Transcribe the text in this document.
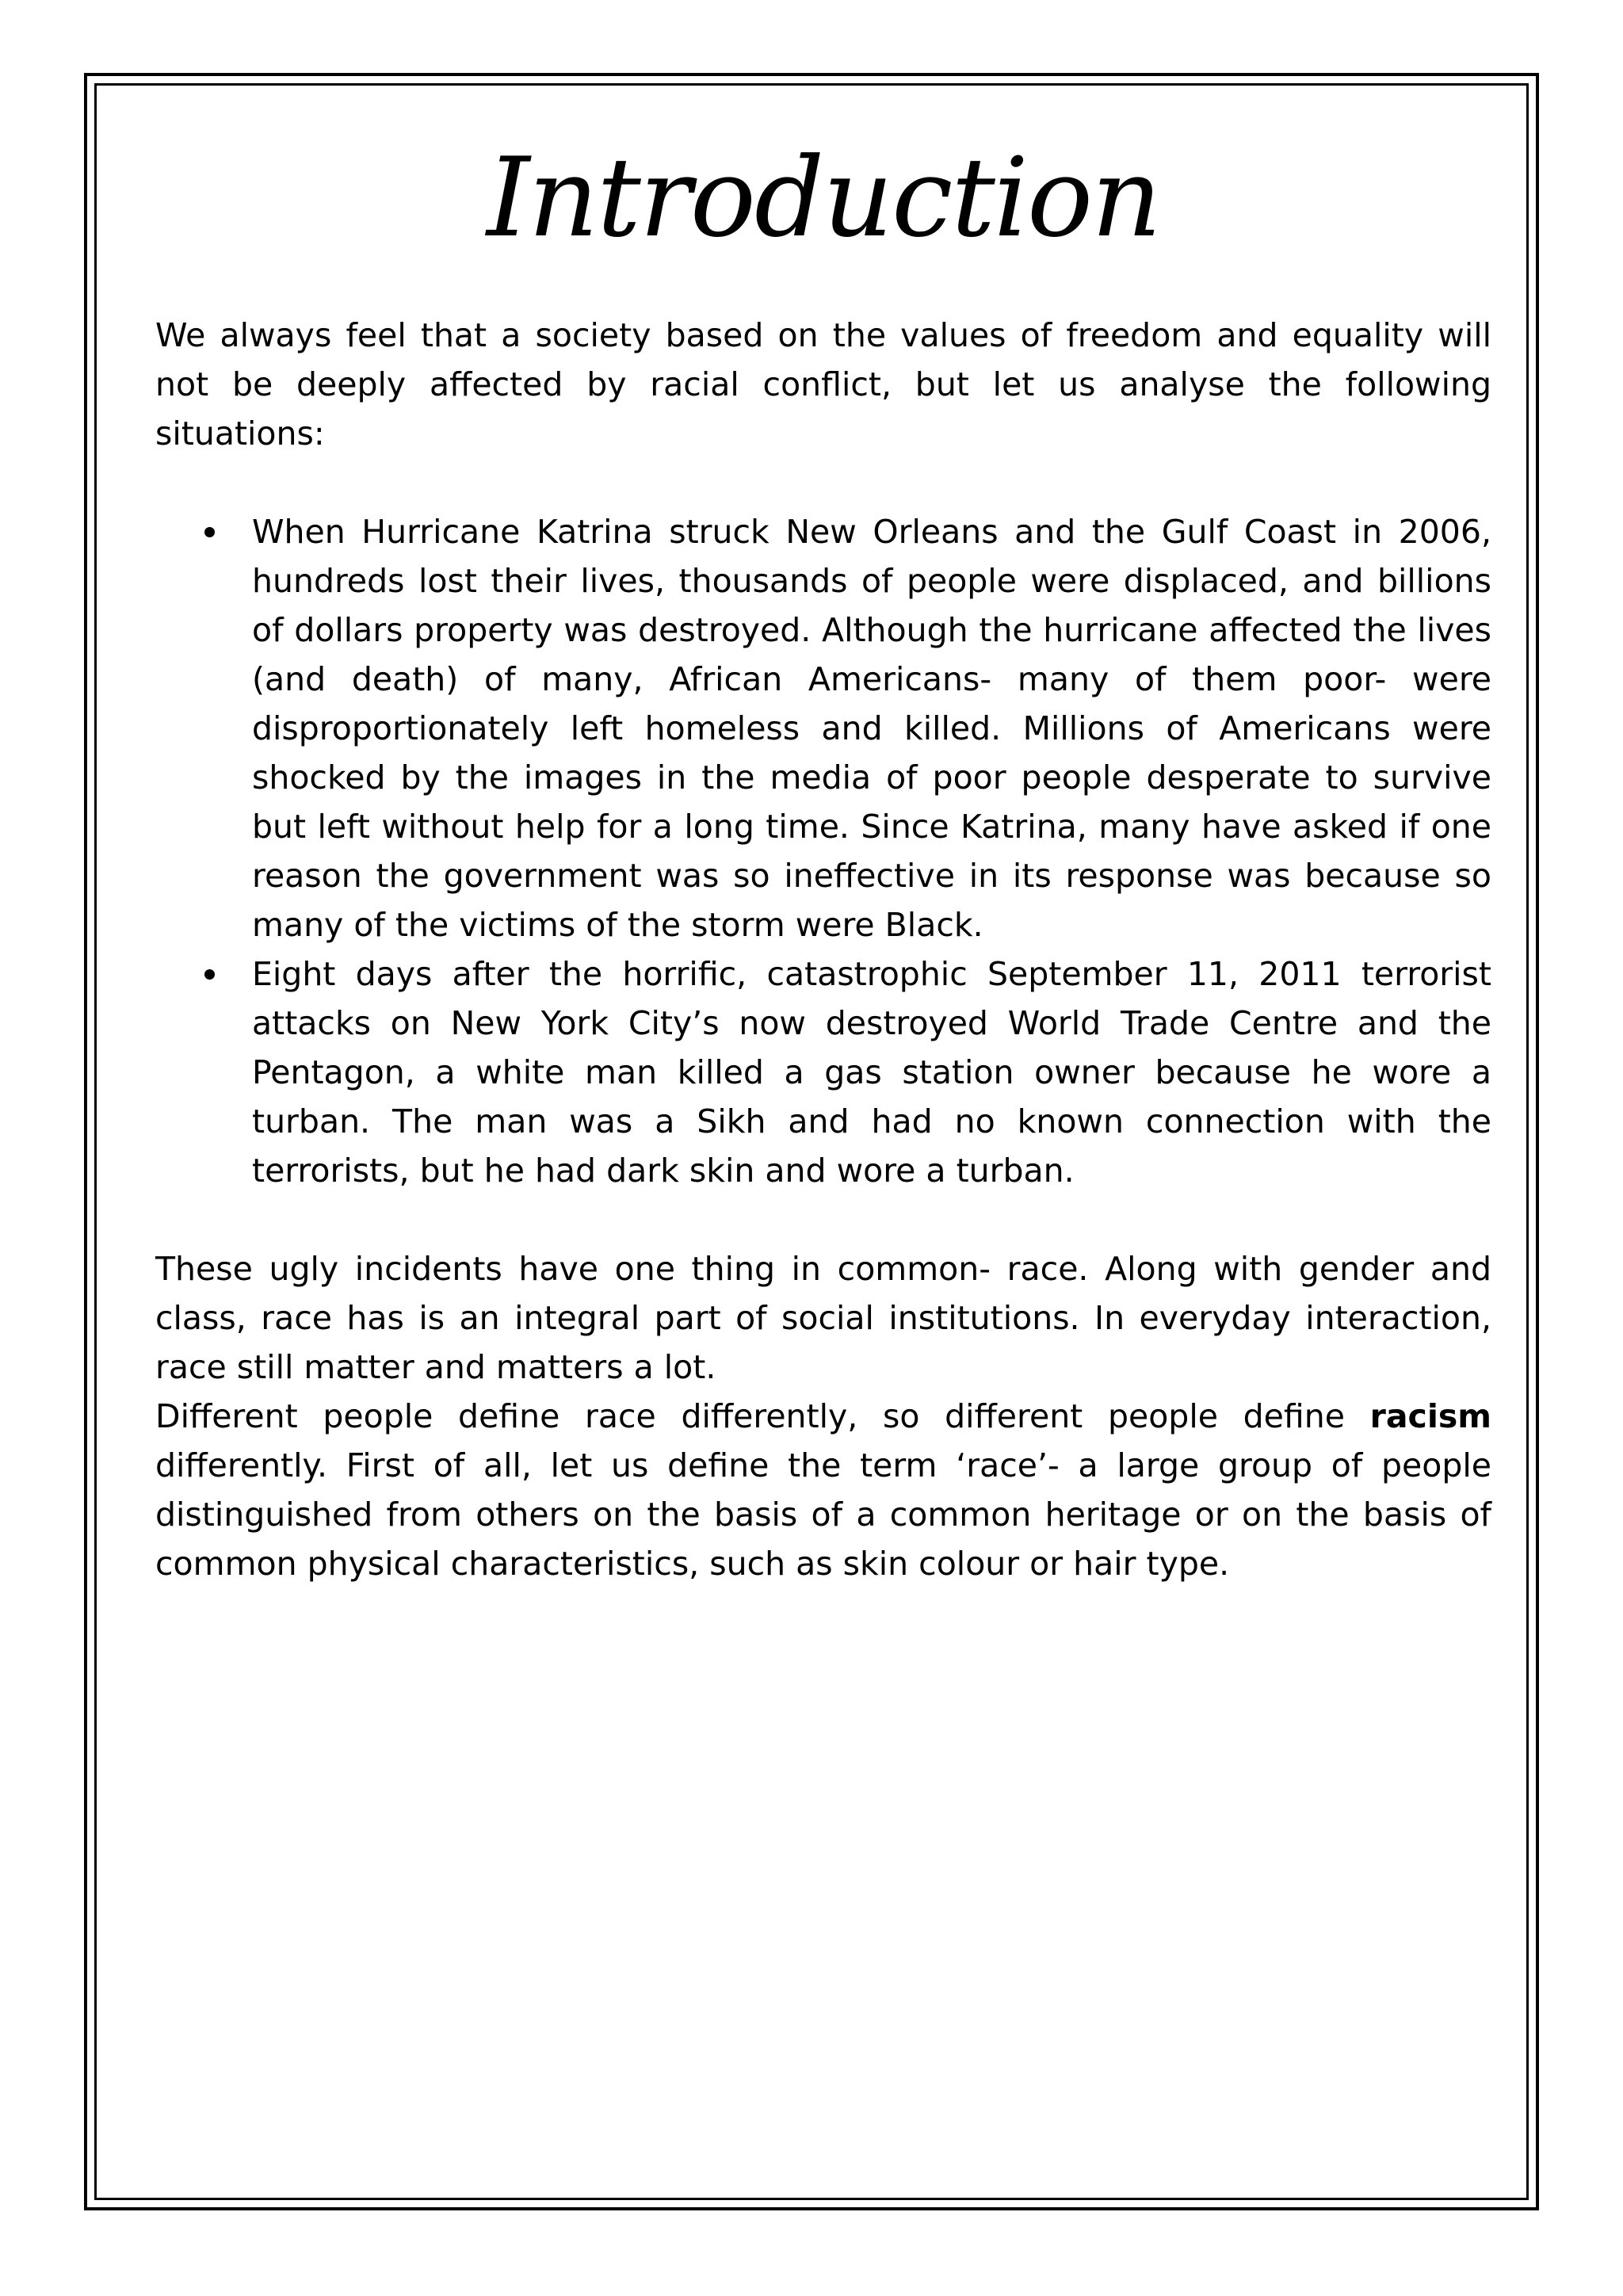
Introduction

We always feel that a society based on the values of freedom and equality will not be deeply affected by racial conflict, but let us analyse the following situations:

When Hurricane Katrina struck New Orleans and the Gulf Coast in 2006, hundreds lost their lives, thousands of people were displaced, and billions of dollars property was destroyed. Although the hurricane affected the lives (and death) of many, African Americans- many of them poor- were disproportionately left homeless and killed. Millions of Americans were shocked by the images in the media of poor people desperate to survive but left without help for a long time. Since Katrina, many have asked if one reason the government was so ineffective in its response was because so many of the victims of the storm were Black.
Eight days after the horrific, catastrophic September 11, 2011 terrorist attacks on New York City’s now destroyed World Trade Centre and the Pentagon, a white man killed a gas station owner because he wore a turban. The man was a Sikh and had no known connection with the terrorists, but he had dark skin and wore a turban.

These ugly incidents have one thing in common- race. Along with gender and class, race has is an integral part of social institutions. In everyday interaction, race still matter and matters a lot.

Different people define race differently, so different people define racism differently. First of all, let us define the term ‘race’- a large group of people distinguished from others on the basis of a common heritage or on the basis of common physical characteristics, such as skin colour or hair type.
